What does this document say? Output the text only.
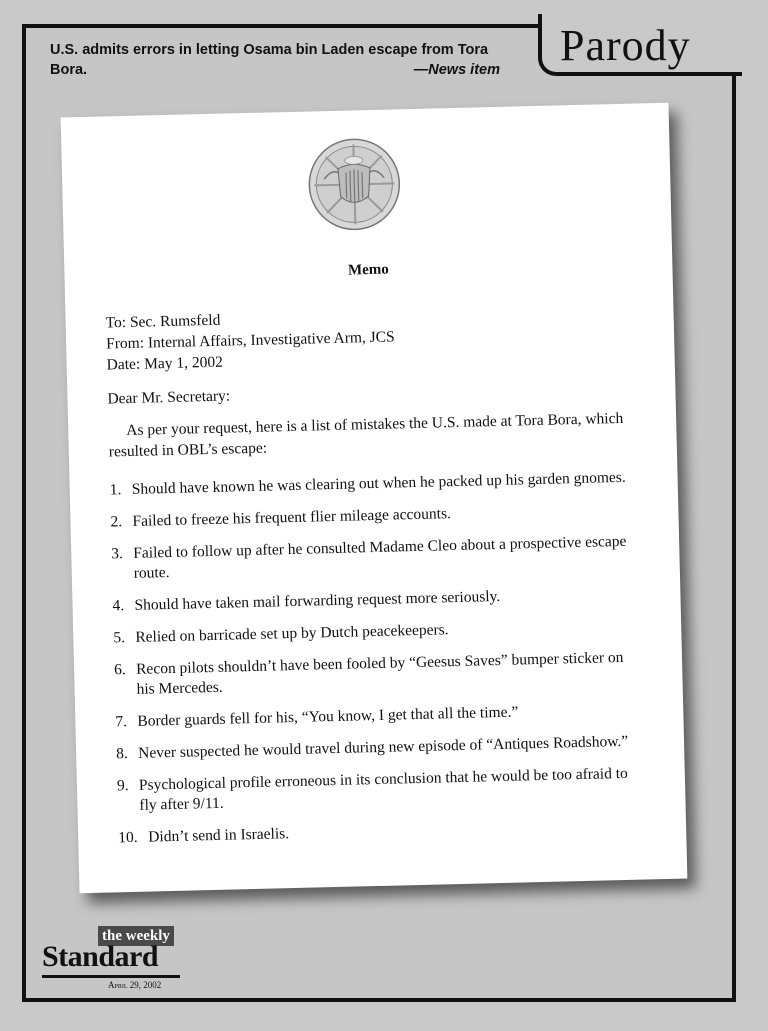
Parody
U.S. admits errors in letting Osama bin Laden escape from Tora Bora.	—News item
Memo
To: Sec. Rumsfeld
From: Internal Affairs, Investigative Arm, JCS
Date: May 1, 2002
Dear Mr. Secretary:
As per your request, here is a list of mistakes the U.S. made at Tora Bora, which resulted in OBL’s escape:
1. Should have known he was clearing out when he packed up his garden gnomes.
2. Failed to freeze his frequent flier mileage accounts.
3. Failed to follow up after he consulted Madame Cleo about a prospective escape route.
4. Should have taken mail forwarding request more seriously.
5. Relied on barricade set up by Dutch peacekeepers.
6. Recon pilots shouldn’t have been fooled by “Geesus Saves” bumper sticker on his Mercedes.
7. Border guards fell for his, “You know, I get that all the time.”
8. Never suspected he would travel during new episode of “Antiques Roadshow.”
9. Psychological profile erroneous in its conclusion that he would be too afraid to fly after 9/11.
10. Didn’t send in Israelis.
the weekly
Standard
April 29, 2002
